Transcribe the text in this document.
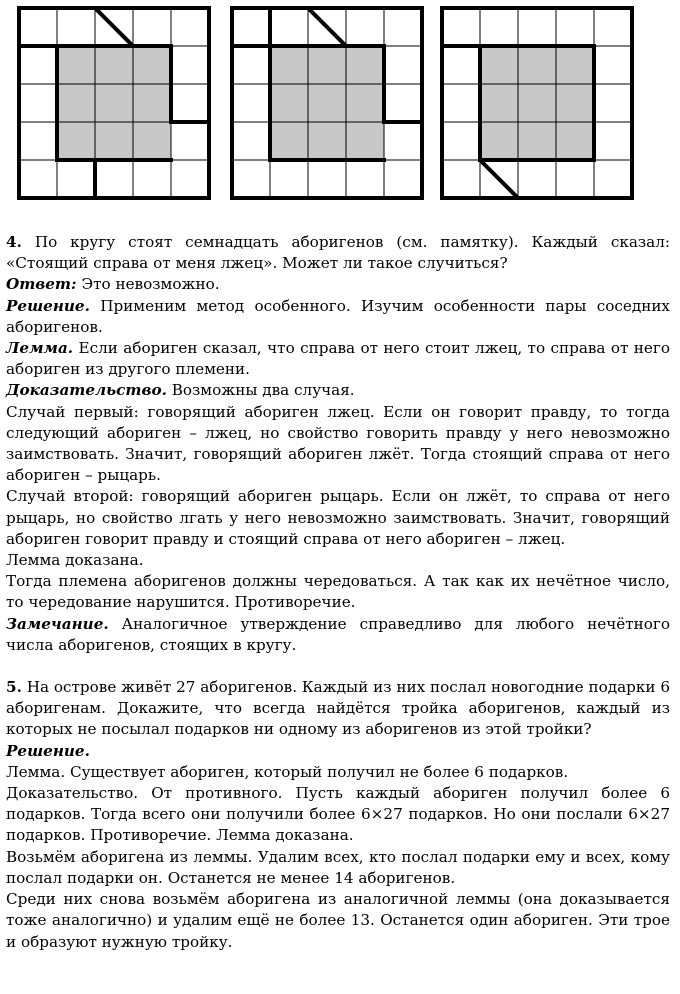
4. По кругу стоят семнадцать аборигенов (см. памятку). Каждый сказал: «Стоящий справа от меня лжец». Может ли такое случиться?

Ответ: Это невозможно.

Решение. Применим метод особенного. Изучим особенности пары соседних аборигенов.

Лемма. Если абориген сказал, что справа от него стоит лжец, то справа от него абориген из другого племени.

Доказательство. Возможны два случая.

Случай первый: говорящий абориген лжец. Если он говорит правду, то тогда следующий абориген – лжец, но свойство говорить правду у него невозможно заимствовать. Значит, говорящий абориген лжёт. Тогда стоящий справа от него абориген – рыцарь.

Случай второй: говорящий абориген рыцарь. Если он лжёт, то справа от него рыцарь, но свойство лгать у него невозможно заимствовать. Значит, говорящий абориген говорит правду и стоящий справа от него абориген – лжец.

Лемма доказана.

Тогда племена аборигенов должны чередоваться. А так как их нечётное число, то чередование нарушится. Противоречие.

Замечание. Аналогичное утверждение справедливо для любого нечётного числа аборигенов, стоящих в кругу.

5. На острове живёт 27 аборигенов. Каждый из них послал новогодние подарки 6 аборигенам. Докажите, что всегда найдётся тройка аборигенов, каждый из которых не посылал подарков ни одному из аборигенов из этой тройки?

Решение.

Лемма. Существует абориген, который получил не более 6 подарков.

Доказательство. От противного. Пусть каждый абориген получил более 6 подарков. Тогда всего они получили более 6×27 подарков. Но они послали 6×27 подарков. Противоречие. Лемма доказана.

Возьмём аборигена из леммы. Удалим всех, кто послал подарки ему и всех, кому послал подарки он. Останется не менее 14 аборигенов.

Среди них снова возьмём аборигена из аналогичной леммы (она доказывается тоже аналогично) и удалим ещё не более 13. Останется один абориген. Эти трое и образуют нужную тройку.
